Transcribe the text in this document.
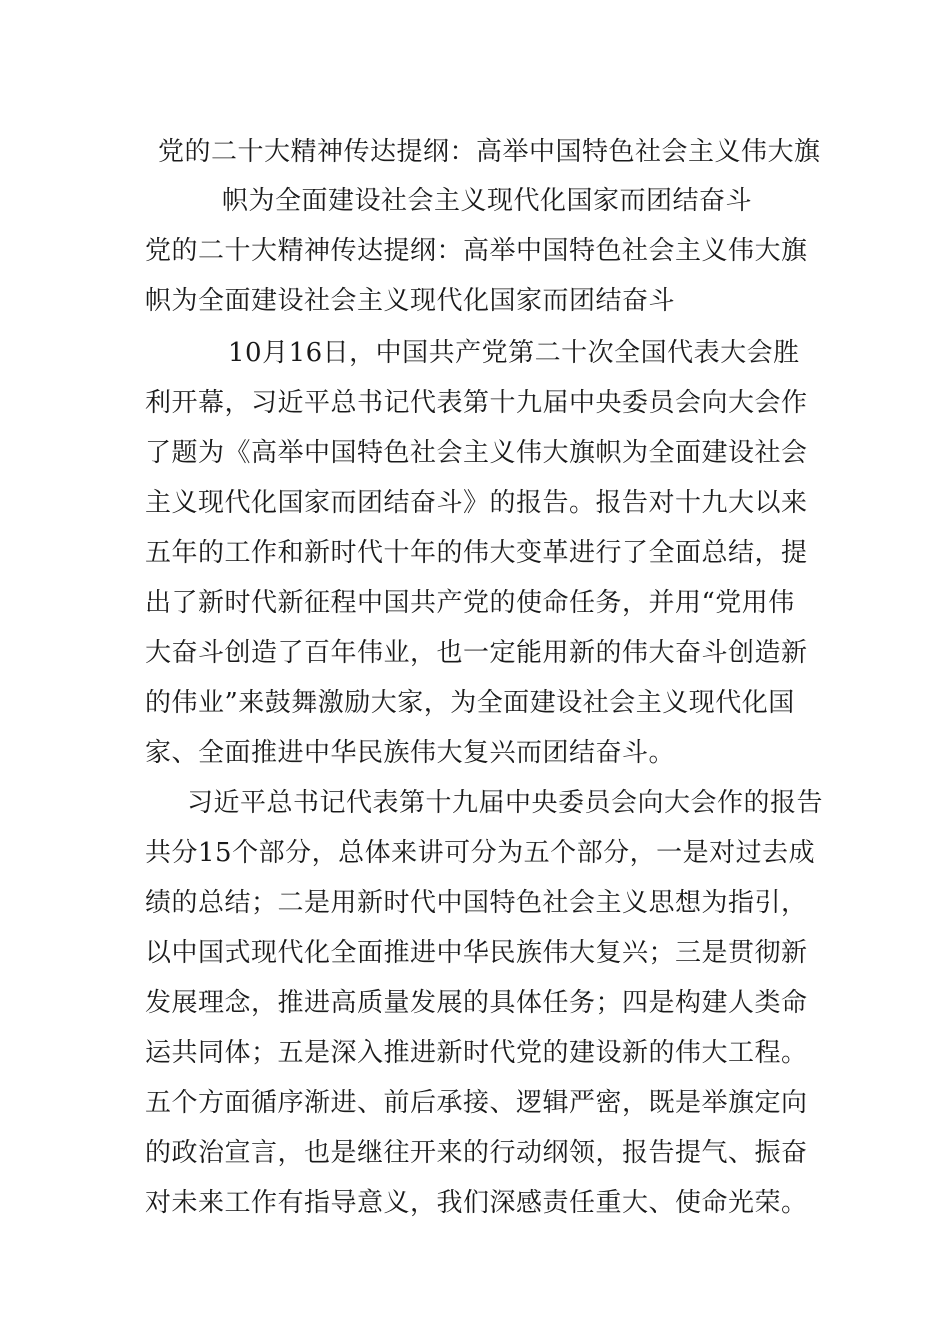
党的二十大精神传达提纲：高举中国特色社会主义伟大旗
帜为全面建设社会主义现代化国家而团结奋斗
党的二十大精神传达提纲：高举中国特色社会主义伟大旗
帜为全面建设社会主义现代化国家而团结奋斗
10月16日，中国共产党第二十次全国代表大会胜
利开幕，习近平总书记代表第十九届中央委员会向大会作
了题为《高举中国特色社会主义伟大旗帜为全面建设社会
主义现代化国家而团结奋斗》的报告。报告对十九大以来
五年的工作和新时代十年的伟大变革进行了全面总结，提
出了新时代新征程中国共产党的使命任务，并用“党用伟
大奋斗创造了百年伟业，也一定能用新的伟大奋斗创造新
的伟业”来鼓舞激励大家，为全面建设社会主义现代化国
家、全面推进中华民族伟大复兴而团结奋斗。
习近平总书记代表第十九届中央委员会向大会作的报告
共分15个部分，总体来讲可分为五个部分，一是对过去成
绩的总结；二是用新时代中国特色社会主义思想为指引，
以中国式现代化全面推进中华民族伟大复兴；三是贯彻新
发展理念，推进高质量发展的具体任务；四是构建人类命
运共同体；五是深入推进新时代党的建设新的伟大工程。
五个方面循序渐进、前后承接、逻辑严密，既是举旗定向
的政治宣言，也是继往开来的行动纲领，报告提气、振奋
对未来工作有指导意义，我们深感责任重大、使命光荣。
